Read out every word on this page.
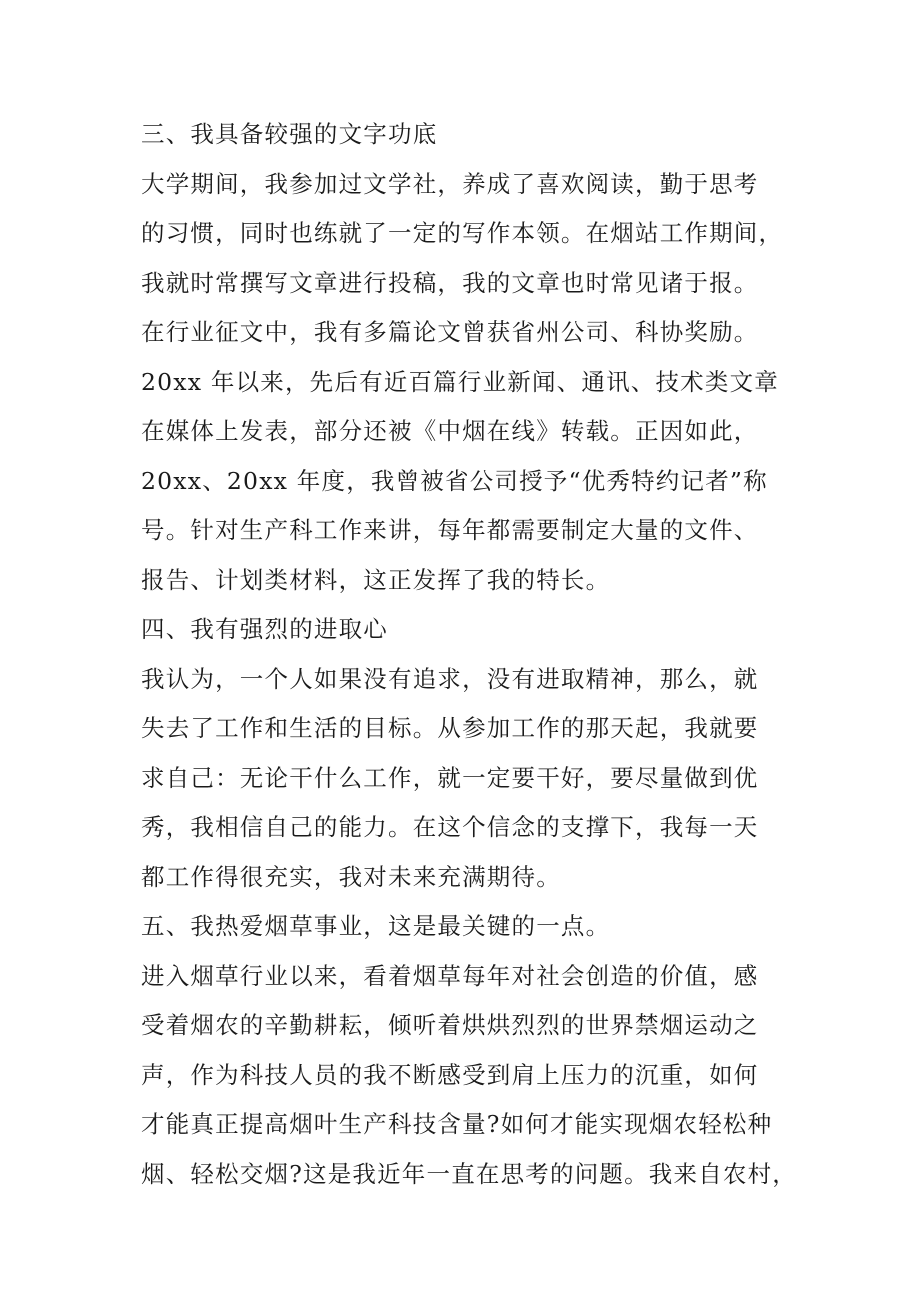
三、我具备较强的文字功底
大学期间，我参加过文学社，养成了喜欢阅读，勤于思考
的习惯，同时也练就了一定的写作本领。在烟站工作期间，
我就时常撰写文章进行投稿，我的文章也时常见诸于报。
在行业征文中，我有多篇论文曾获省州公司、科协奖励。
20xx 年以来，先后有近百篇行业新闻、通讯、技术类文章
在媒体上发表，部分还被《中烟在线》转载。正因如此，
20xx、20xx 年度，我曾被省公司授予“优秀特约记者”称
号。针对生产科工作来讲，每年都需要制定大量的文件、
报告、计划类材料，这正发挥了我的特长。
四、我有强烈的进取心
我认为，一个人如果没有追求，没有进取精神，那么，就
失去了工作和生活的目标。从参加工作的那天起，我就要
求自己：无论干什么工作，就一定要干好，要尽量做到优
秀，我相信自己的能力。在这个信念的支撑下，我每一天
都工作得很充实，我对未来充满期待。
五、我热爱烟草事业，这是最关键的一点。
进入烟草行业以来，看着烟草每年对社会创造的价值，感
受着烟农的辛勤耕耘，倾听着烘烘烈烈的世界禁烟运动之
声，作为科技人员的我不断感受到肩上压力的沉重，如何
才能真正提高烟叶生产科技含量?如何才能实现烟农轻松种
烟、轻松交烟?这是我近年一直在思考的问题。我来自农村，
